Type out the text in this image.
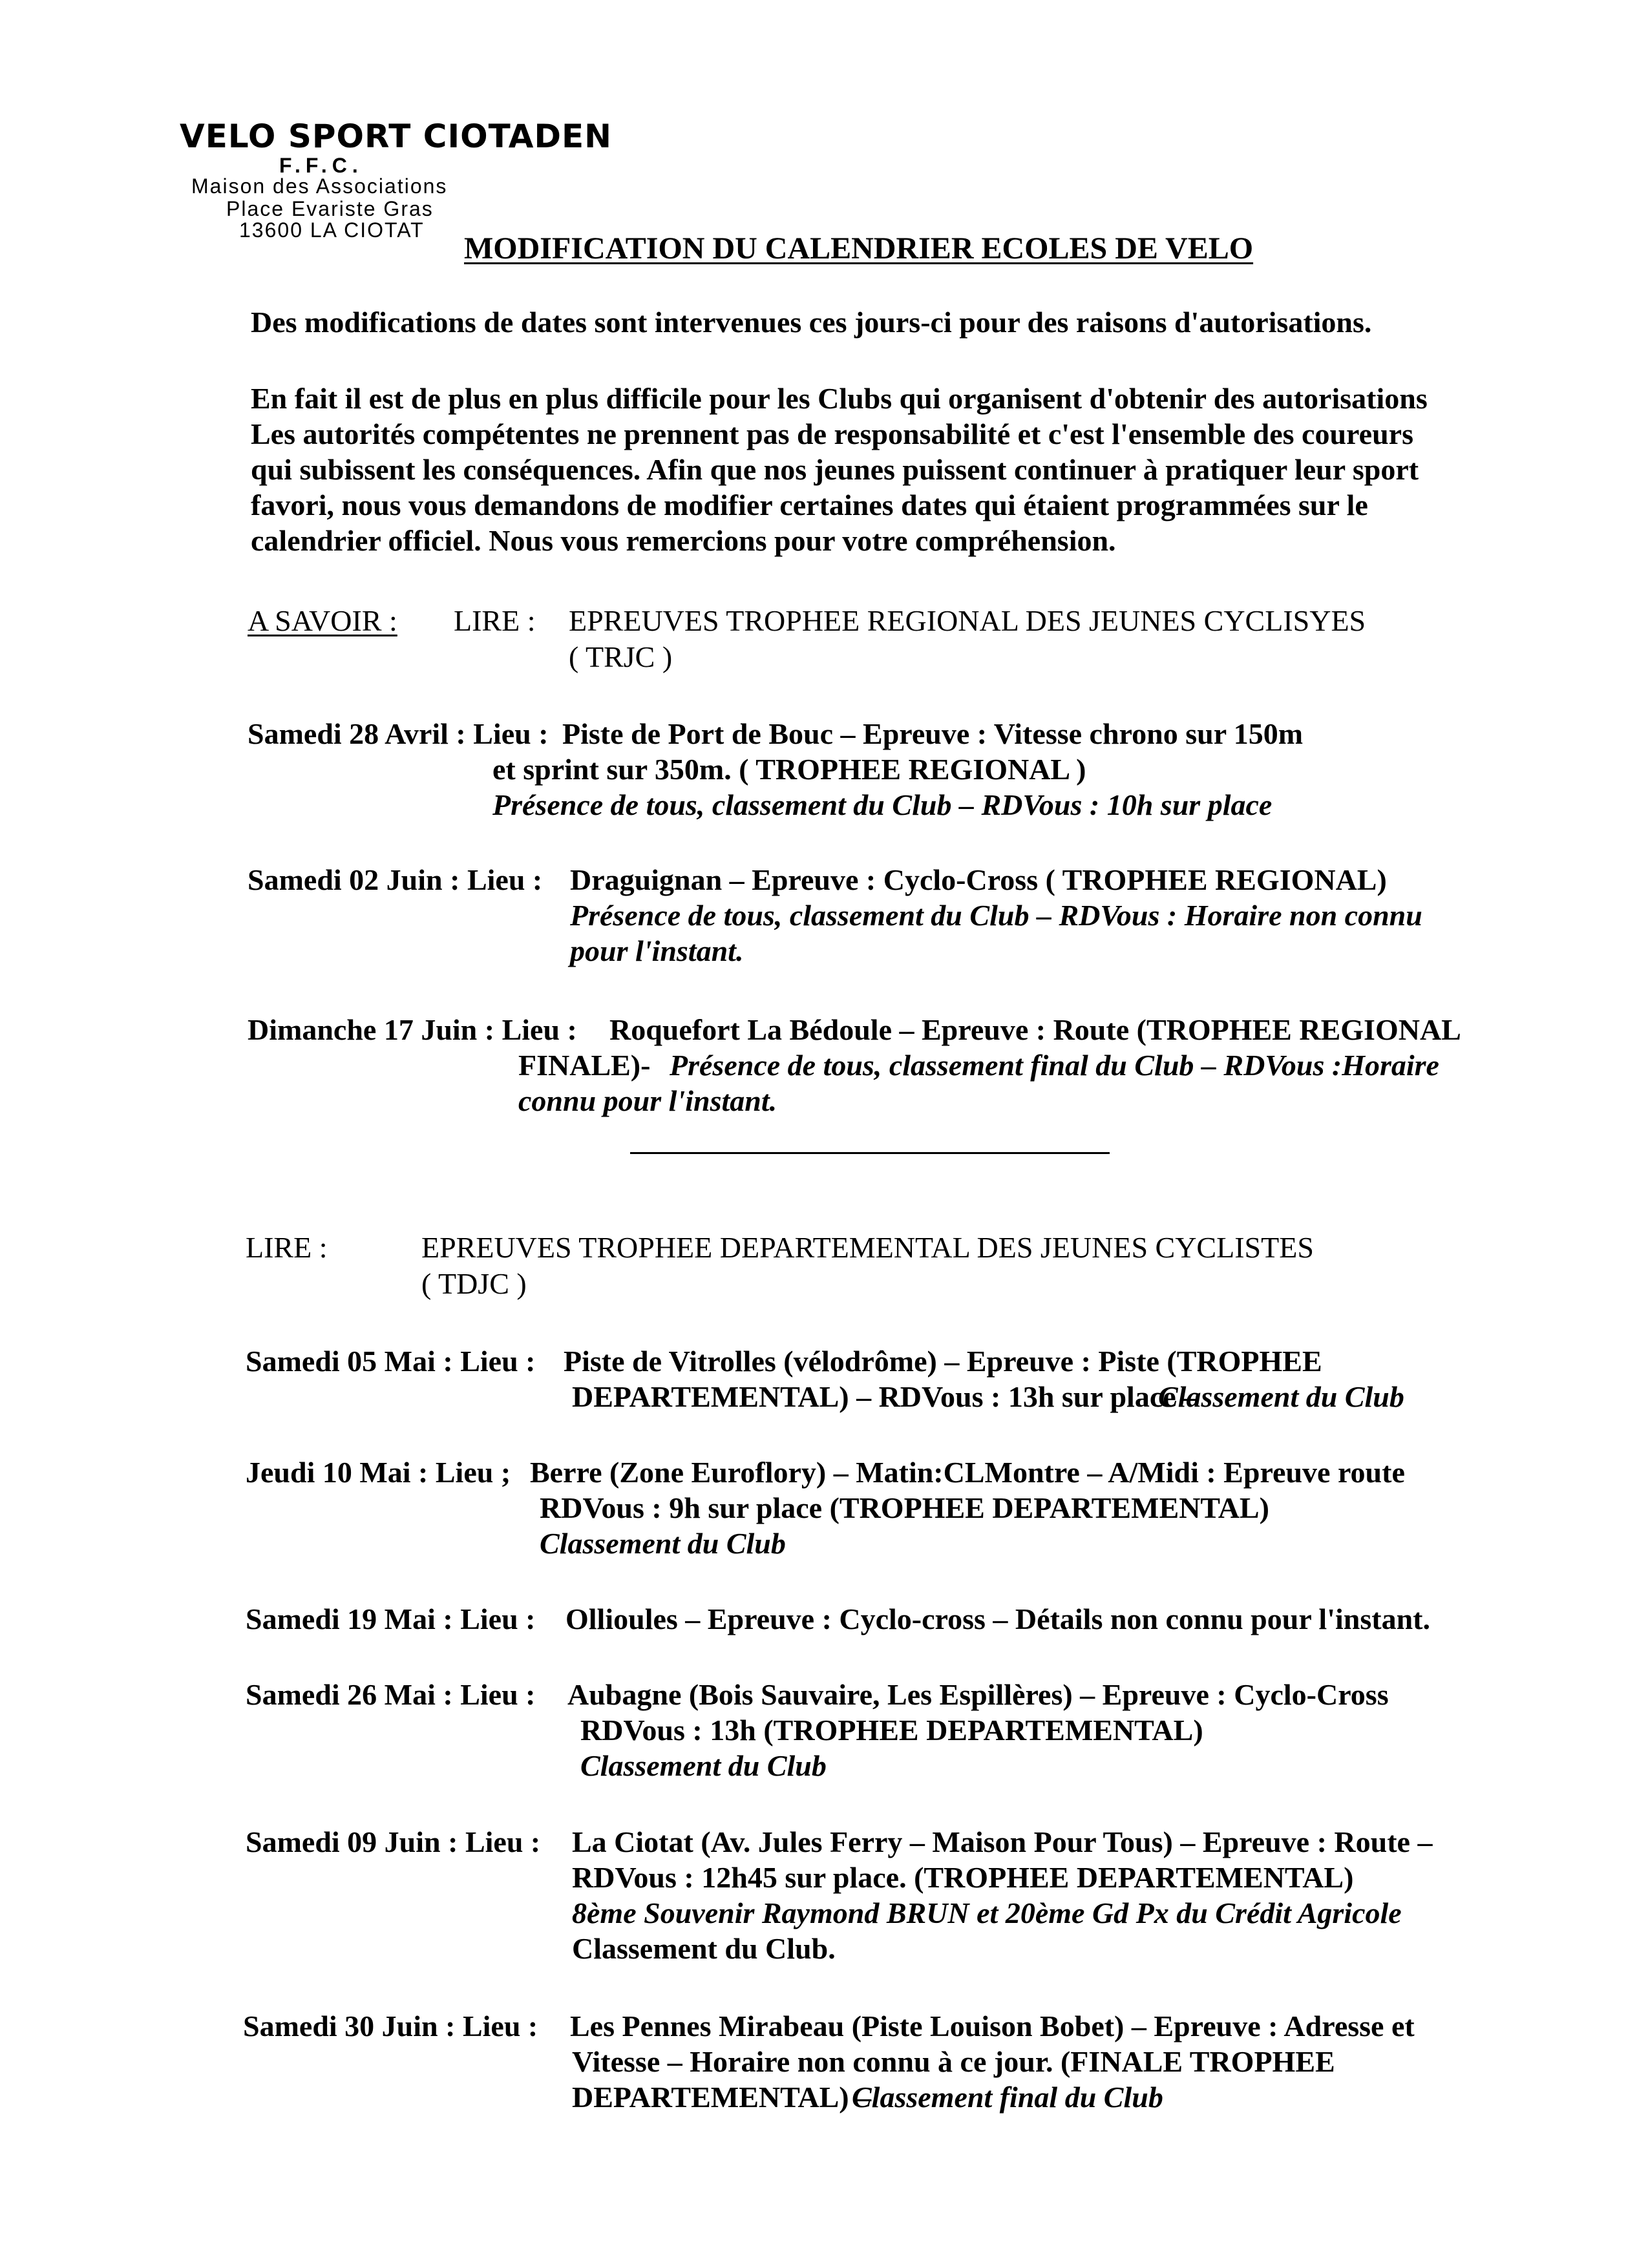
VELO SPORT CIOTADEN
F.F.C.
Maison des Associations
Place Evariste Gras
13600 LA CIOTAT
MODIFICATION DU CALENDRIER ECOLES DE VELO
Des modifications de dates sont intervenues ces jours-ci pour des raisons d'autorisations.
En fait il est de plus en plus difficile pour les Clubs qui organisent d'obtenir des autorisations
Les autorités compétentes ne prennent pas de responsabilité et c'est l'ensemble des coureurs
qui subissent les conséquences. Afin que nos jeunes puissent continuer à pratiquer leur sport
favori, nous vous demandons de modifier certaines dates qui étaient programmées sur le
calendrier officiel. Nous vous remercions pour votre compréhension.
A SAVOIR : LIRE : EPREUVES TROPHEE REGIONAL DES JEUNES CYCLISYES
( TRJC )
Samedi 28 Avril : Lieu : Piste de Port de Bouc – Epreuve : Vitesse chrono sur 150m
et sprint sur 350m. ( TROPHEE REGIONAL )
Présence de tous, classement du Club – RDVous : 10h sur place
Samedi 02 Juin : Lieu : Draguignan – Epreuve : Cyclo-Cross ( TROPHEE REGIONAL)
Présence de tous, classement du Club – RDVous : Horaire non connu
pour l'instant.
Dimanche 17 Juin : Lieu : Roquefort La Bédoule – Epreuve : Route (TROPHEE REGIONAL
FINALE)- Présence de tous, classement final du Club – RDVous :Horaire
connu pour l'instant.
LIRE :	EPREUVES TROPHEE DEPARTEMENTAL DES JEUNES CYCLISTES
( TDJC )
Samedi 05 Mai : Lieu : Piste de Vitrolles (vélodrôme) – Epreuve : Piste (TROPHEE
DEPARTEMENTAL) – RDVous : 13h sur place –
Classement du Club
Jeudi 10 Mai : Lieu ; Berre (Zone Euroflory) – Matin:CLMontre – A/Midi : Epreuve route
RDVous : 9h sur place (TROPHEE DEPARTEMENTAL)
Classement du Club
Samedi 19 Mai : Lieu : Ollioules – Epreuve : Cyclo-cross – Détails non connu pour l'instant.
Samedi 26 Mai : Lieu : Aubagne (Bois Sauvaire, Les Espillères) – Epreuve : Cyclo-Cross
RDVous : 13h (TROPHEE DEPARTEMENTAL)
Classement du Club
Samedi 09 Juin : Lieu : La Ciotat (Av. Jules Ferry – Maison Pour Tous) – Epreuve : Route –
RDVous : 12h45 sur place. (TROPHEE DEPARTEMENTAL)
8ème Souvenir Raymond BRUN et 20ème Gd Px du Crédit Agricole
Classement du Club.
Samedi 30 Juin : Lieu : Les Pennes Mirabeau (Piste Louison Bobet) – Epreuve : Adresse et
Vitesse – Horaire non connu à ce jour. (FINALE TROPHEE
DEPARTEMENTAL) –
Classement final du Club
